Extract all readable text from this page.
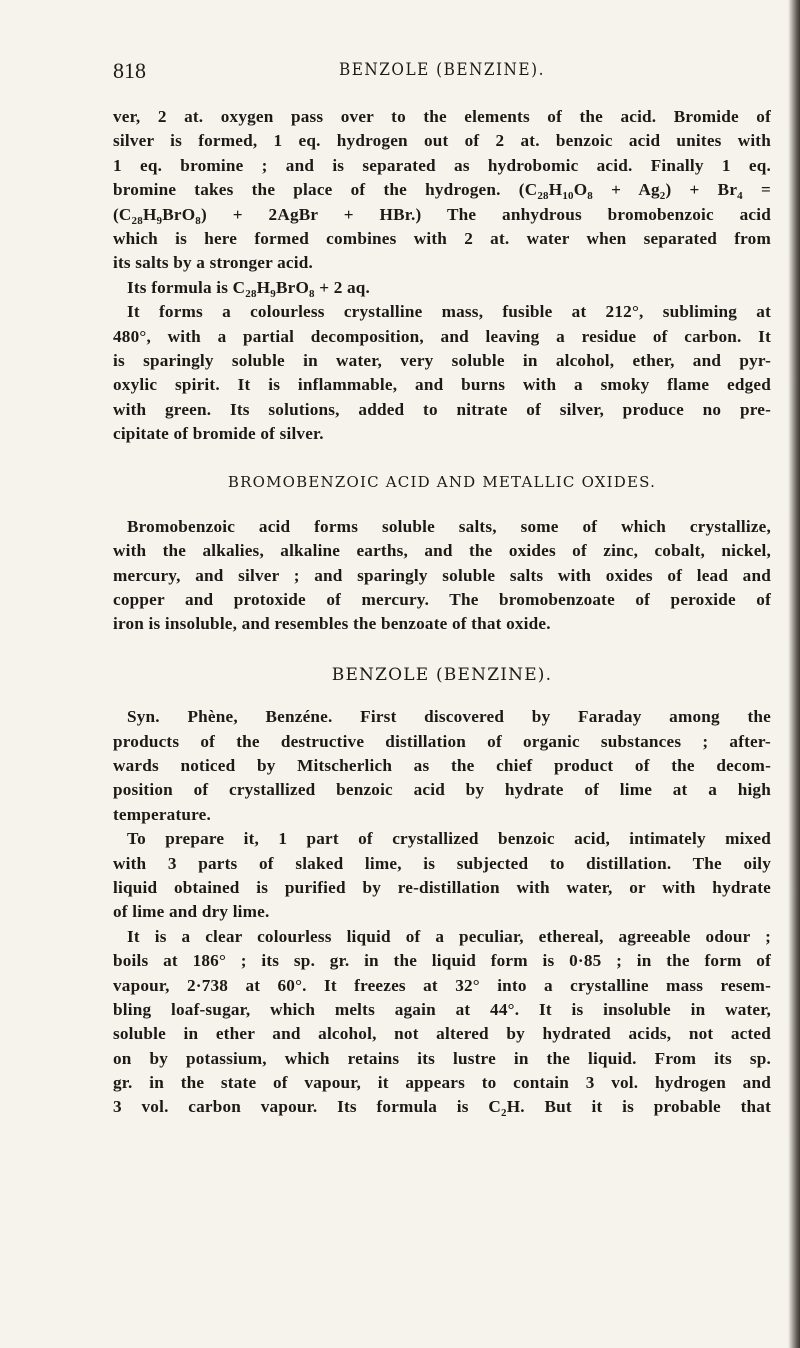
818	BENZOLE (BENZINE).
ver, 2 at. oxygen pass over to the elements of the acid. Bromide of
silver is formed, 1 eq. hydrogen out of 2 at. benzoic acid unites with
1 eq. bromine ; and is separated as hydrobomic acid. Finally 1 eq.
bromine takes the place of the hydrogen. $(C_{28}H_{10}O_8 + Ag_2) + Br_4$ =
$(C_{28}H_9BrO_8)$ + 2AgBr + HBr.) The anhydrous bromobenzoic acid
which is here formed combines with 2 at. water when separated from
its salts by a stronger acid.
Its formula is $C_{28}H_9BrO_8 + 2$ aq.
It forms a colourless crystalline mass, fusible at 212°, subliming at
480°, with a partial decomposition, and leaving a residue of carbon. It
is sparingly soluble in water, very soluble in alcohol, ether, and pyr-
oxylic spirit. It is inflammable, and burns with a smoky flame edged
with green. Its solutions, added to nitrate of silver, produce no pre-
cipitate of bromide of silver.
BROMOBENZOIC ACID AND METALLIC OXIDES.
Bromobenzoic acid forms soluble salts, some of which crystallize,
with the alkalies, alkaline earths, and the oxides of zinc, cobalt, nickel,
mercury, and silver ; and sparingly soluble salts with oxides of lead and
copper and protoxide of mercury. The bromobenzoate of peroxide of
iron is insoluble, and resembles the benzoate of that oxide.
BENZOLE (BENZINE).
Syn. Phène, Benzéne. First discovered by Faraday among the
products of the destructive distillation of organic substances ; after-
wards noticed by Mitscherlich as the chief product of the decom-
position of crystallized benzoic acid by hydrate of lime at a high
temperature.
To prepare it, 1 part of crystallized benzoic acid, intimately mixed
with 3 parts of slaked lime, is subjected to distillation. The oily
liquid obtained is purified by re-distillation with water, or with hydrate
of lime and dry lime.
It is a clear colourless liquid of a peculiar, ethereal, agreeable odour ;
boils at 186° ; its sp. gr. in the liquid form is 0·85 ; in the form of
vapour, 2·738 at 60°. It freezes at 32° into a crystalline mass resem-
bling loaf-sugar, which melts again at 44°. It is insoluble in water,
soluble in ether and alcohol, not altered by hydrated acids, not acted
on by potassium, which retains its lustre in the liquid. From its sp.
gr. in the state of vapour, it appears to contain 3 vol. hydrogen and
3 vol. carbon vapour. Its formula is $C_2H$. But it is probable that
